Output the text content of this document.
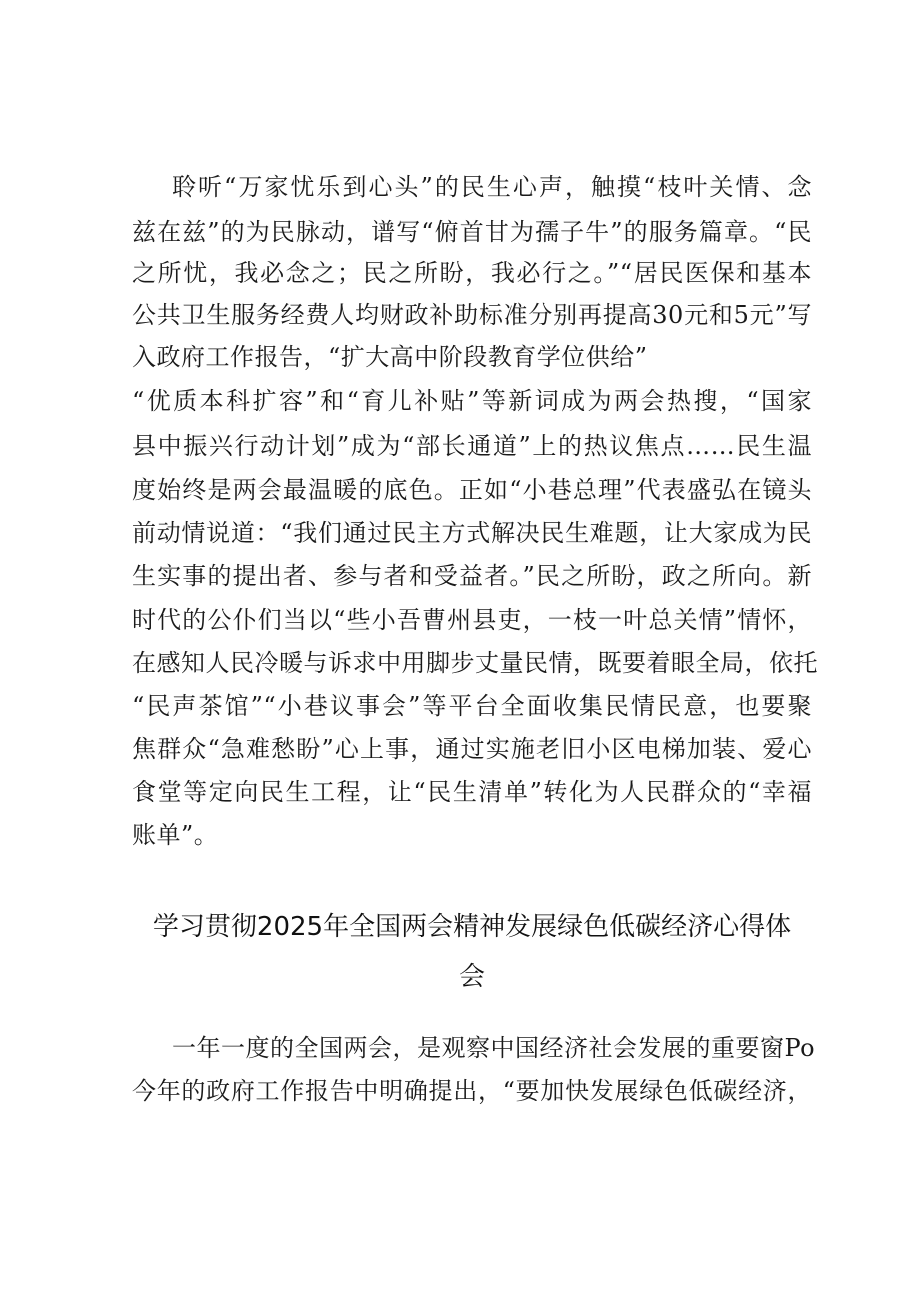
聆听“万家忧乐到心头”的民生心声，触摸“枝叶关情、念
兹在兹”的为民脉动，谱写“俯首甘为孺子牛”的服务篇章。“民
之所忧，我必念之；民之所盼，我必行之。”“居民医保和基本
公共卫生服务经费人均财政补助标准分别再提高30元和5元”写
入政府工作报告，“扩大高中阶段教育学位供给”
“优质本科扩容”和“育儿补贴”等新词成为两会热搜，“国家
县中振兴行动计划”成为“部长通道”上的热议焦点……民生温
度始终是两会最温暖的底色。正如“小巷总理”代表盛弘在镜头
前动情说道：“我们通过民主方式解决民生难题，让大家成为民
生实事的提出者、参与者和受益者。”民之所盼，政之所向。新
时代的公仆们当以“些小吾曹州县吏，一枝一叶总关情”情怀，
在感知人民冷暖与诉求中用脚步丈量民情，既要着眼全局，依托
“民声茶馆”“小巷议事会”等平台全面收集民情民意，也要聚
焦群众“急难愁盼”心上事，通过实施老旧小区电梯加装、爱心
食堂等定向民生工程，让“民生清单”转化为人民群众的“幸福
账单”。
学习贯彻2025年全国两会精神发展绿色低碳经济心得体
会
一年一度的全国两会，是观察中国经济社会发展的重要窗Po
今年的政府工作报告中明确提出，“要加快发展绿色低碳经济，
